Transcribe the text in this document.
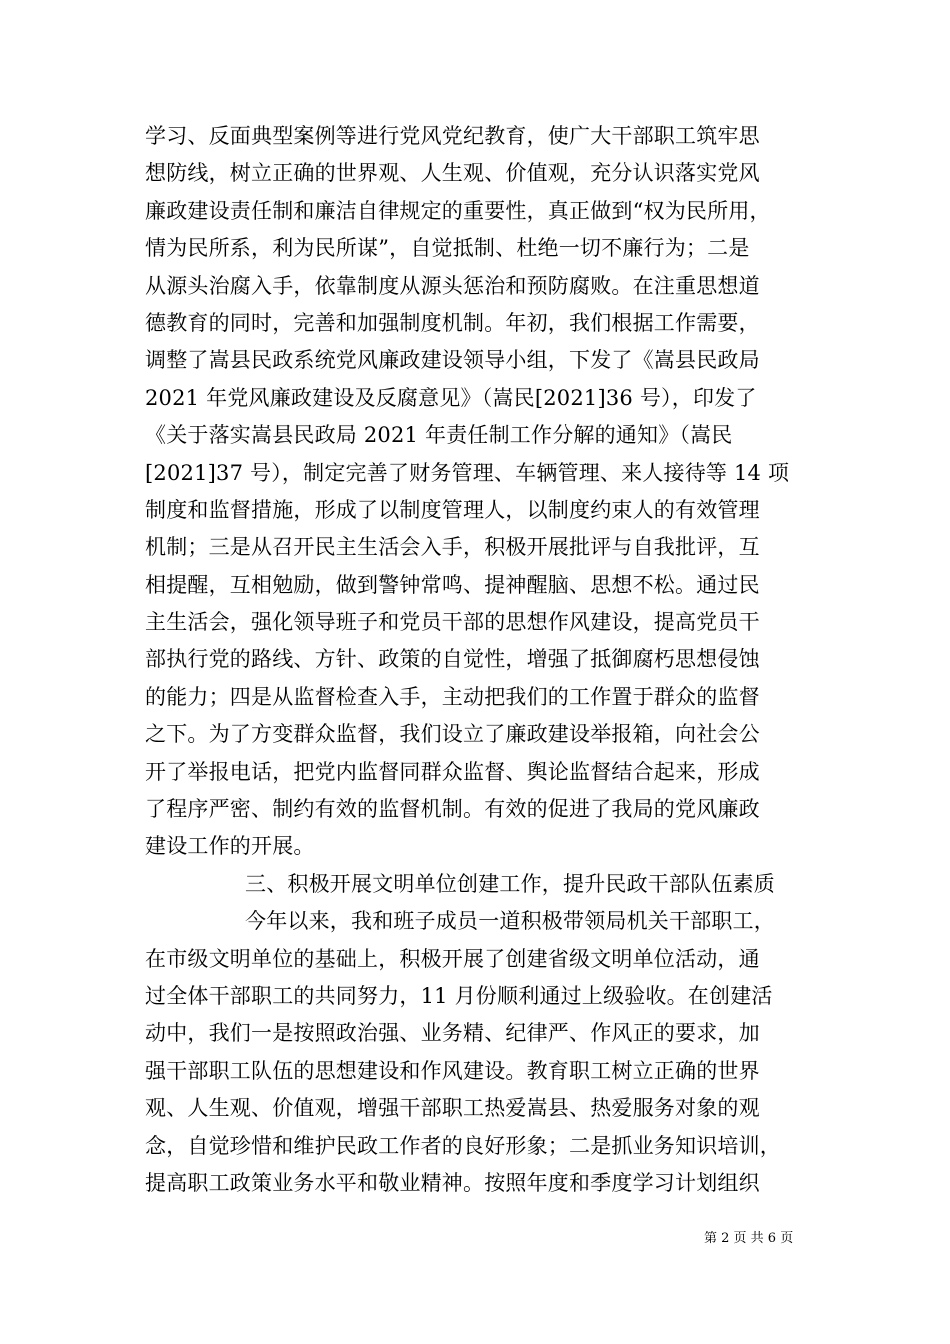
学习、反面典型案例等进行党风党纪教育，使广大干部职工筑牢思
想防线，树立正确的世界观、人生观、价值观，充分认识落实党风
廉政建设责任制和廉洁自律规定的重要性，真正做到“权为民所用，
情为民所系，利为民所谋”，自觉抵制、杜绝一切不廉行为；二是
从源头治腐入手，依靠制度从源头惩治和预防腐败。在注重思想道
德教育的同时，完善和加强制度机制。年初，我们根据工作需要，
调整了嵩县民政系统党风廉政建设领导小组，下发了《嵩县民政局
2021 年党风廉政建设及反腐意见》（嵩民[2021]36 号），印发了
《关于落实嵩县民政局 2021 年责任制工作分解的通知》（嵩民
[2021]37 号），制定完善了财务管理、车辆管理、来人接待等 14 项
制度和监督措施，形成了以制度管理人，以制度约束人的有效管理
机制；三是从召开民主生活会入手，积极开展批评与自我批评，互
相提醒，互相勉励，做到警钟常鸣、提神醒脑、思想不松。通过民
主生活会，强化领导班子和党员干部的思想作风建设，提高党员干
部执行党的路线、方针、政策的自觉性，增强了抵御腐朽思想侵蚀
的能力；四是从监督检查入手，主动把我们的工作置于群众的监督
之下。为了方变群众监督，我们设立了廉政建设举报箱，向社会公
开了举报电话，把党内监督同群众监督、舆论监督结合起来，形成
了程序严密、制约有效的监督机制。有效的促进了我局的党风廉政
建设工作的开展。
三、积极开展文明单位创建工作，提升民政干部队伍素质
今年以来，我和班子成员一道积极带领局机关干部职工，
在市级文明单位的基础上，积极开展了创建省级文明单位活动，通
过全体干部职工的共同努力，11 月份顺利通过上级验收。在创建活
动中，我们一是按照政治强、业务精、纪律严、作风正的要求，加
强干部职工队伍的思想建设和作风建设。教育职工树立正确的世界
观、人生观、价值观，增强干部职工热爱嵩县、热爱服务对象的观
念，自觉珍惜和维护民政工作者的良好形象；二是抓业务知识培训，
提高职工政策业务水平和敬业精神。按照年度和季度学习计划组织
第 2 页 共 6 页
